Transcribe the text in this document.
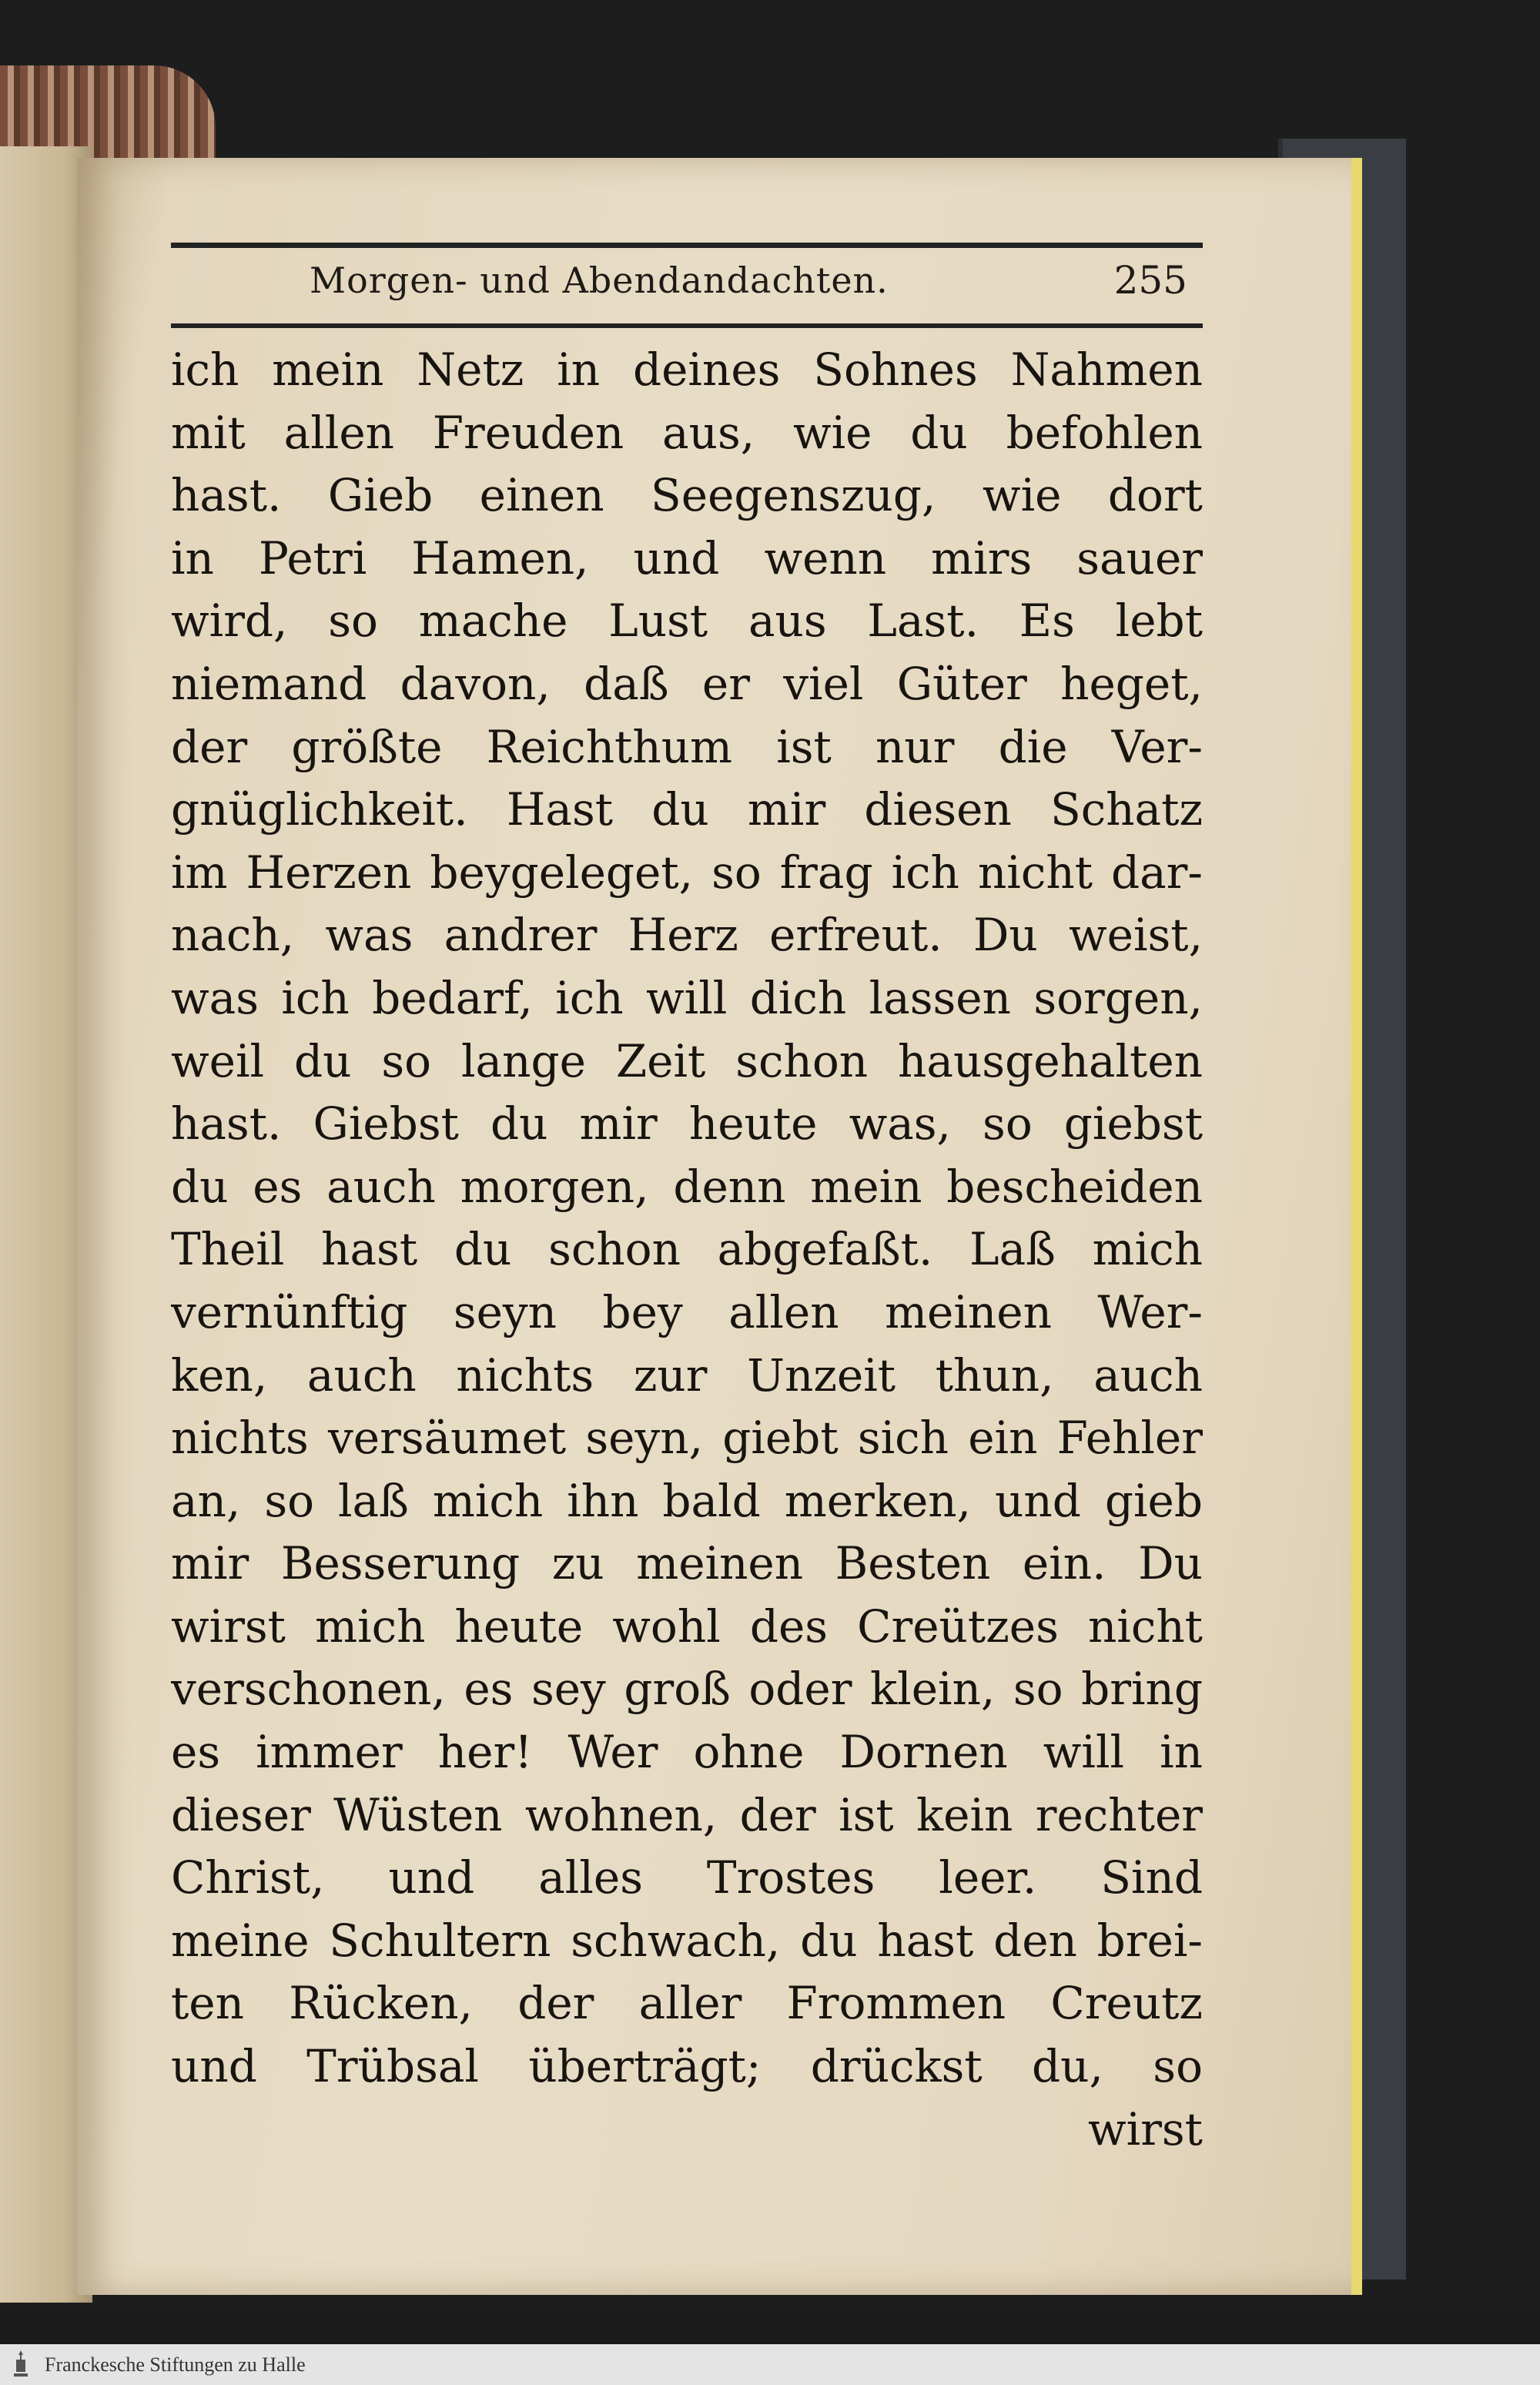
Morgen- und Abendandachten.	255
ich mein Netz in deines Sohnes Nahmen
mit allen Freuden aus, wie du befohlen
hast. Gieb einen Seegenszug, wie dort
in Petri Hamen, und wenn mirs sauer
wird, so mache Lust aus Last. Es lebt
niemand davon, daß er viel Güter heget,
der größte Reichthum ist nur die Ver-
gnüglichkeit. Hast du mir diesen Schatz
im Herzen beygeleget, so frag ich nicht dar-
nach, was andrer Herz erfreut. Du weist,
was ich bedarf, ich will dich lassen sorgen,
weil du so lange Zeit schon hausgehalten
hast. Giebst du mir heute was, so giebst
du es auch morgen, denn mein bescheiden
Theil hast du schon abgefaßt. Laß mich
vernünftig seyn bey allen meinen Wer-
ken, auch nichts zur Unzeit thun, auch
nichts versäumet seyn, giebt sich ein Fehler
an, so laß mich ihn bald merken, und gieb
mir Besserung zu meinen Besten ein. Du
wirst mich heute wohl des Creützes nicht
verschonen, es sey groß oder klein, so bring
es immer her! Wer ohne Dornen will in
dieser Wüsten wohnen, der ist kein rechter
Christ, und alles Trostes leer. Sind
meine Schultern schwach, du hast den brei-
ten Rücken, der aller Frommen Creutz
und Trübsal überträgt; drückst du, so
wirst
Franckesche Stiftungen zu Halle
